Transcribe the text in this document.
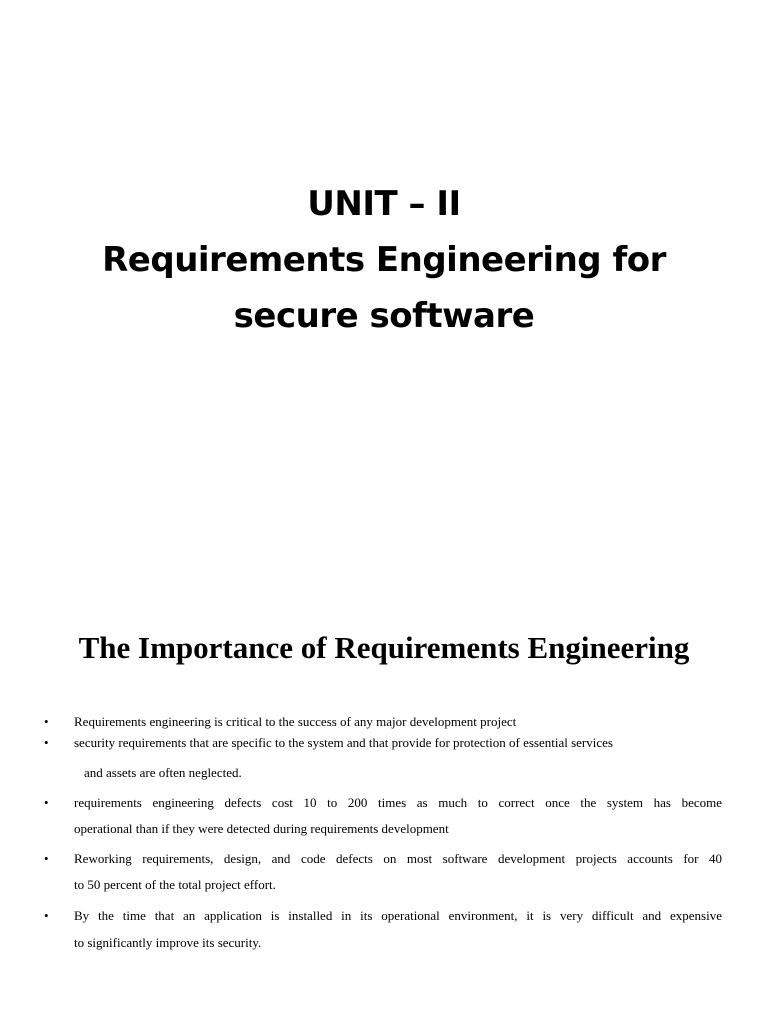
UNIT – II
Requirements Engineering for
secure software
The Importance of Requirements Engineering
•	Requirements engineering is critical to the success of any major development project
•	security requirements that are specific to the system and that provide for protection of essential services
and assets are often neglected.
•	requirements engineering defects cost 10 to 200 times as much to correct once the system has become
operational than if they were detected during requirements development
•	Reworking requirements, design, and code defects on most software development projects accounts for 40
to 50 percent of the total project effort.
•	By the time that an application is installed in its operational environment, it is very difficult and expensive
to significantly improve its security.
